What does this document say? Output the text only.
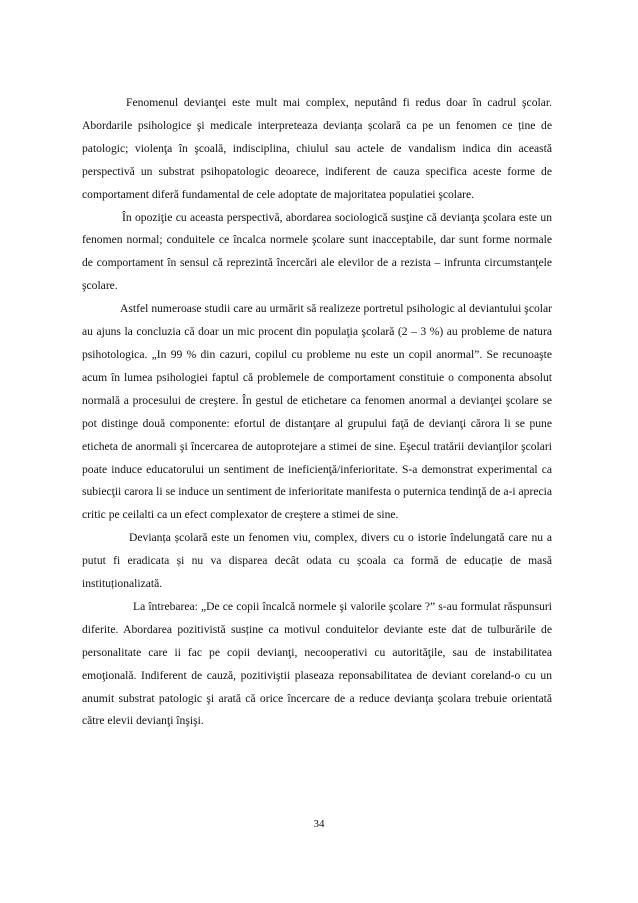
Fenomenul devianţei este mult mai complex, neputând fi redus doar în cadrul şcolar. Abordarile psihologice şi medicale interpreteaza devianța școlară ca pe un fenomen ce ține de patologic; violenţa în şcoală, indisciplina, chiulul sau actele de vandalism indica din această perspectivă un substrat psihopatologic deoarece, indiferent de cauza specifica aceste forme de comportament diferă fundamental de cele adoptate de majoritatea populatiei şcolare.

În opoziţie cu aceasta perspectivă, abordarea sociologică susţine că devianţa şcolara este un fenomen normal; conduitele ce încalca normele şcolare sunt inacceptabile, dar sunt forme normale de comportament în sensul că reprezintă încercări ale elevilor de a rezista – infrunta circumstanţele şcolare.

Astfel numeroase studii care au urmărit să realizeze portretul psihologic al deviantului şcolar au ajuns la concluzia că doar un mic procent din populaţia şcolară (2 – 3 %) au probleme de natura psihotologica. „In 99 % din cazuri, copilul cu probleme nu este un copil anormal”. Se recunoaşte acum în lumea psihologiei faptul că problemele de comportament constituie o componenta absolut normală a procesului de creştere. În gestul de etichetare ca fenomen anormal a devianţei şcolare se pot distinge două componente: efortul de distanţare al grupului faţă de devianţi cărora li se pune eticheta de anormali şi încercarea de autoprotejare a stimei de sine. Eşecul tratării devianţilor şcolari poate induce educatorului un sentiment de ineficienţă/inferioritate. S-a demonstrat experimental ca subiecţii carora li se induce un sentiment de inferioritate manifesta o puternica tendinţă de a-i aprecia critic pe ceilalti ca un efect complexator de creştere a stimei de sine.

Devianța școlară este un fenomen viu, complex, divers cu o istorie îndelungată care nu a putut fi eradicata și nu va disparea decât odata cu școala ca formă de educație de masă instituționalizată.

La întrebarea: „De ce copii încalcă normele şi valorile şcolare ?” s-au formulat răspunsuri diferite. Abordarea pozitivistă susține ca motivul conduitelor deviante este dat de tulburările de personalitate care ii fac pe copii devianţi, necooperativi cu autorităţile, sau de instabilitatea emoţională. Indiferent de cauză, pozitiviştii plaseaza reponsabilitatea de deviant coreland-o cu un anumit substrat patologic şi arată că orice încercare de a reduce devianţa şcolara trebuie orientată către elevii devianţi înşişi.

34
